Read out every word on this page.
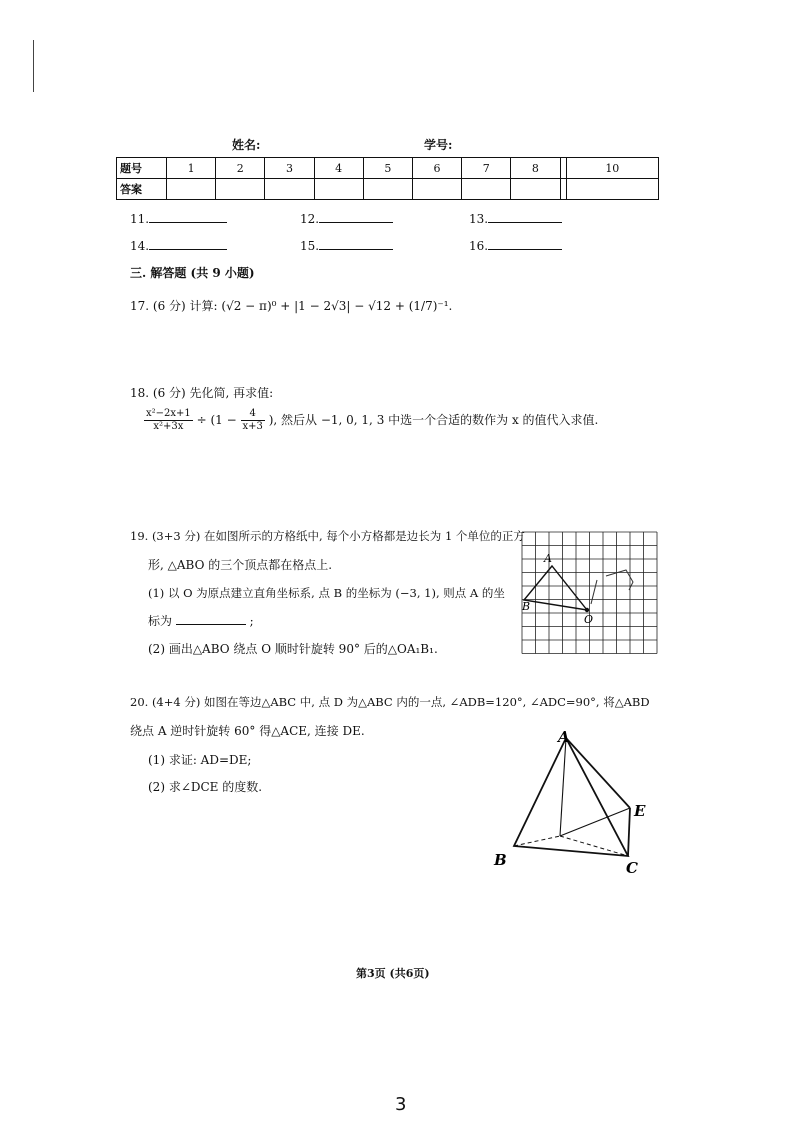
姓名:	学号:
题号	1	2	3	4	5	6	7	8		10
答案										
11.	12.	13.
14.	15.	16.
三. 解答题 (共 9 小题)
17. (6 分) 计算: (√2 − π)⁰ + |1 − 2√3| − √12 + (1/7)⁻¹.
18. (6 分) 先化简, 再求值:
$\frac{\text{x²−2x+1}}{\text{x²+3x}} \div (1 - \frac{4}{x+3}$ ), 然后从 −1, 0, 1, 3 中选一个合适的数作为 x 的值代入求值.
19. (3+3 分) 在如图所示的方格纸中, 每个小方格都是边长为 1 个单位的正方
形, △ABO 的三个顶点都在格点上.
(1) 以 O 为原点建立直角坐标系, 点 B 的坐标为 (−3, 1), 则点 A 的坐
标为	;
(2) 画出△ABO 绕点 O 顺时针旋转 90° 后的△OA₁B₁.
A
B
O
20. (4+4 分) 如图在等边△ABC 中, 点 D 为△ABC 内的一点, ∠ADB=120°, ∠ADC=90°, 将△ABD
绕点 A 逆时针旋转 60° 得△ACE, 连接 DE.
(1) 求证: AD=DE;
(2) 求∠DCE 的度数.
A
B	C
E
第3页 (共6页)
3
